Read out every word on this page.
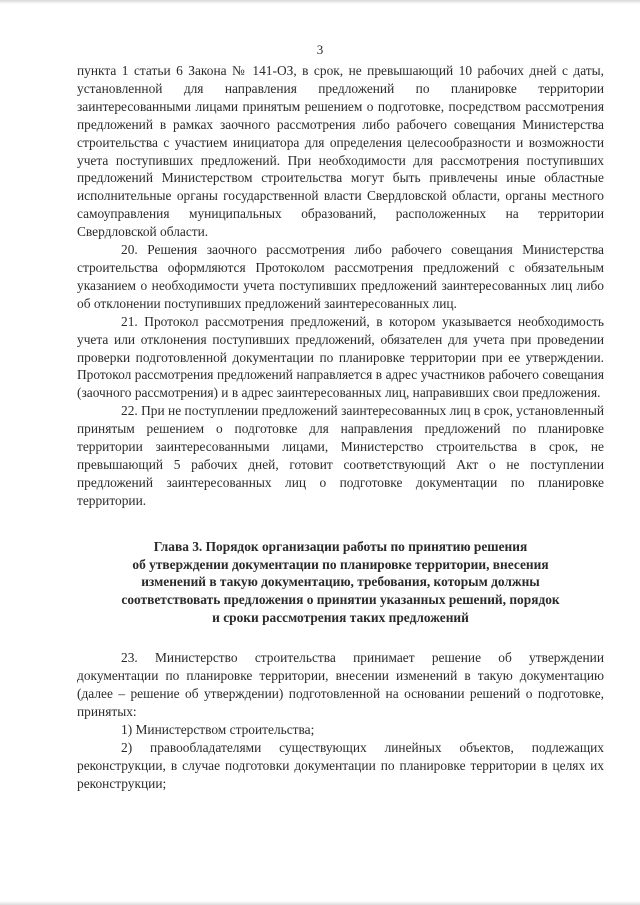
3

пункта 1 статьи 6 Закона № 141-ОЗ, в срок, не превышающий 10 рабочих дней с даты, установленной для направления предложений по планировке территории заинтересованными лицами принятым решением о подготовке, посредством рассмотрения предложений в рамках заочного рассмотрения либо рабочего совещания Министерства строительства с участием инициатора для определения целесообразности и возможности учета поступивших предложений. При необходимости для рассмотрения поступивших предложений Министерством строительства могут быть привлечены иные областные исполнительные органы государственной власти Свердловской области, органы местного самоуправления муниципальных образований, расположенных на территории Свердловской области.

20. Решения заочного рассмотрения либо рабочего совещания Министерства строительства оформляются Протоколом рассмотрения предложений с обязательным указанием о необходимости учета поступивших предложений заинтересованных лиц либо об отклонении поступивших предложений заинтересованных лиц.

21. Протокол рассмотрения предложений, в котором указывается необходимость учета или отклонения поступивших предложений, обязателен для учета при проведении проверки подготовленной документации по планировке территории при ее утверждении. Протокол рассмотрения предложений направляется в адрес участников рабочего совещания (заочного рассмотрения) и в адрес заинтересованных лиц, направивших свои предложения.

22. При не поступлении предложений заинтересованных лиц в срок, установленный принятым решением о подготовке для направления предложений по планировке территории заинтересованными лицами, Министерство строительства в срок, не превышающий 5 рабочих дней, готовит соответствующий Акт о не поступлении предложений заинтересованных лиц о подготовке документации по планировке территории.

Глава 3. Порядок организации работы по принятию решения
об утверждении документации по планировке территории, внесения
изменений в такую документацию, требования, которым должны
соответствовать предложения о принятии указанных решений, порядок
и сроки рассмотрения таких предложений

23. Министерство строительства принимает решение об утверждении документации по планировке территории, внесении изменений в такую документацию (далее – решение об утверждении) подготовленной на основании решений о подготовке, принятых:

1) Министерством строительства;

2) правообладателями существующих линейных объектов, подлежащих реконструкции, в случае подготовки документации по планировке территории в целях их реконструкции;
